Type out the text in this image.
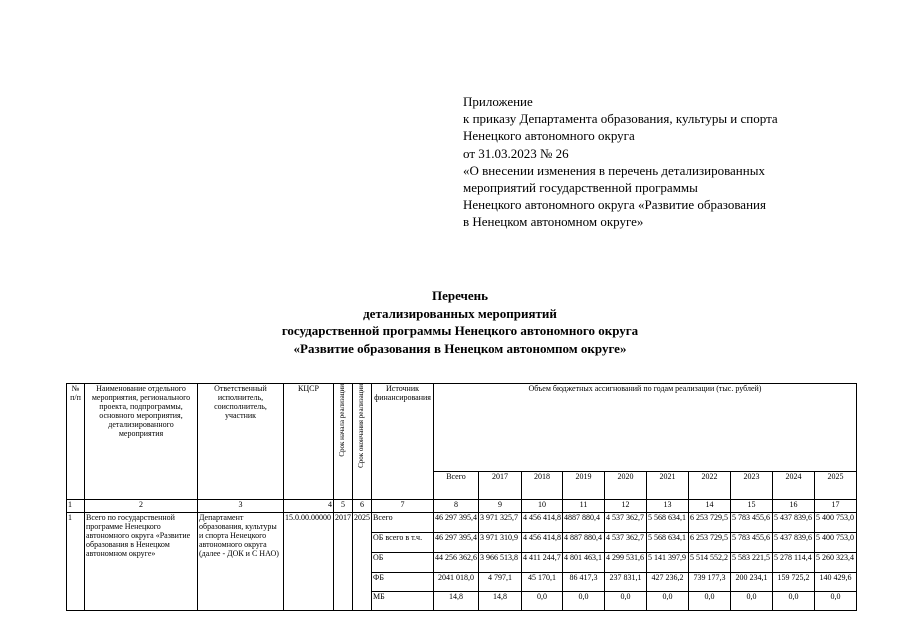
Приложение
к приказу Департамента образования, культуры и спорта
Ненецкого автономного округа
от 31.03.2023 № 26
«О внесении изменения в перечень детализированных
мероприятий государственной программы
Ненецкого автономного округа «Развитие образования
в Ненецком автономном округе»
Перечень
детализированных мероприятий
государственной программы Ненецкого автономного округа
«Развитие образования в Ненецком автономпом округе»
№ п/п	Наименование отдельного мероприятия, регионального проекта, подпрограммы, основного мероприятия, детализированного мероприятия	Ответственный исполнитель, соисполнитель, участник	КЦСР	Срок начала реализации	Срок окончания реализации	Источник финансирования	Объем бюджетных ассигнований по годам реализации (тыс. рублей)									
							Всего	2017	2018	2019	2020	2021	2022	2023	2024	2025
1	2	3	4	5	6	7	8	9	10	11	12	13	14	15	16	17
1	Всего по государственной программе Ненецкого автономного округа «Развитие образования в Ненецком автономном округе»	Департамент образования, культуры и спорта Ненецкого автономного округа (далее - ДОК и С НАО)	15.0.00.00000	2017	2025	Всего	46 297 395,4	3 971 325,7	4 456 414,8	4887 880,4	4 537 362,7	5 568 634,1	6 253 729,5	5 783 455,6	5 437 839,6	5 400 753,0
						ОБ всего в т.ч.	46 297 395,4	3 971 310,9	4 456 414,8	4 887 880,4	4 537 362,7	5 568 634,1	6 253 729,5	5 783 455,6	5 437 839,6	5 400 753,0
						ОБ	44 256 362,6	3 966 513,8	4 411 244,7	4 801 463,1	4 299 531,6	5 141 397,9	5 514 552,2	5 583 221,5	5 278 114,4	5 260 323,4
						ФБ	2041 018,0	4 797,1	45 170,1	86 417,3	237 831,1	427 236,2	739 177,3	200 234,1	159 725,2	140 429,6
						МБ	14,8	14,8	0,0	0,0	0,0	0,0	0,0	0,0	0,0	0,0
